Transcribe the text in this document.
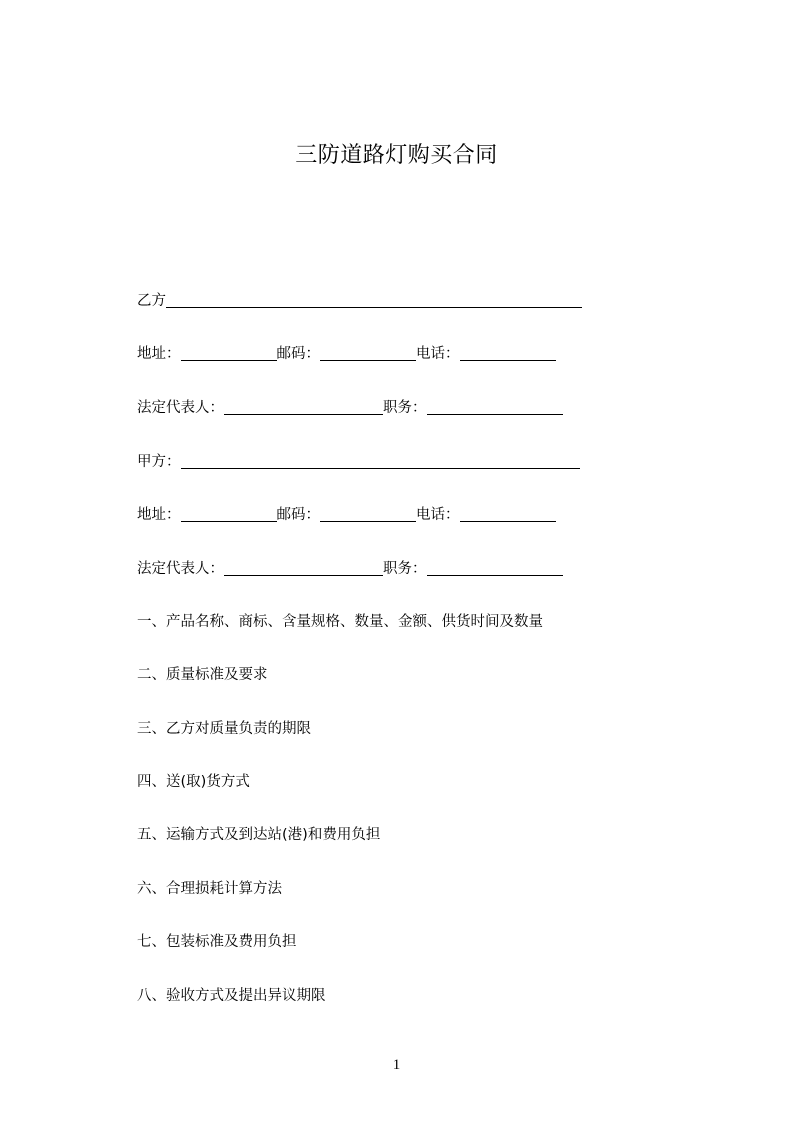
三防道路灯购买合同
乙方
地址：	邮码：	电话：
法定代表人：	职务：
甲方：
地址：	邮码：	电话：
法定代表人：	职务：
一、产品名称、商标、含量规格、数量、金额、供货时间及数量
二、质量标准及要求
三、乙方对质量负责的期限
四、送(取)货方式
五、运输方式及到达站(港)和费用负担
六、合理损耗计算方法
七、包装标准及费用负担
八、验收方式及提出异议期限
1
